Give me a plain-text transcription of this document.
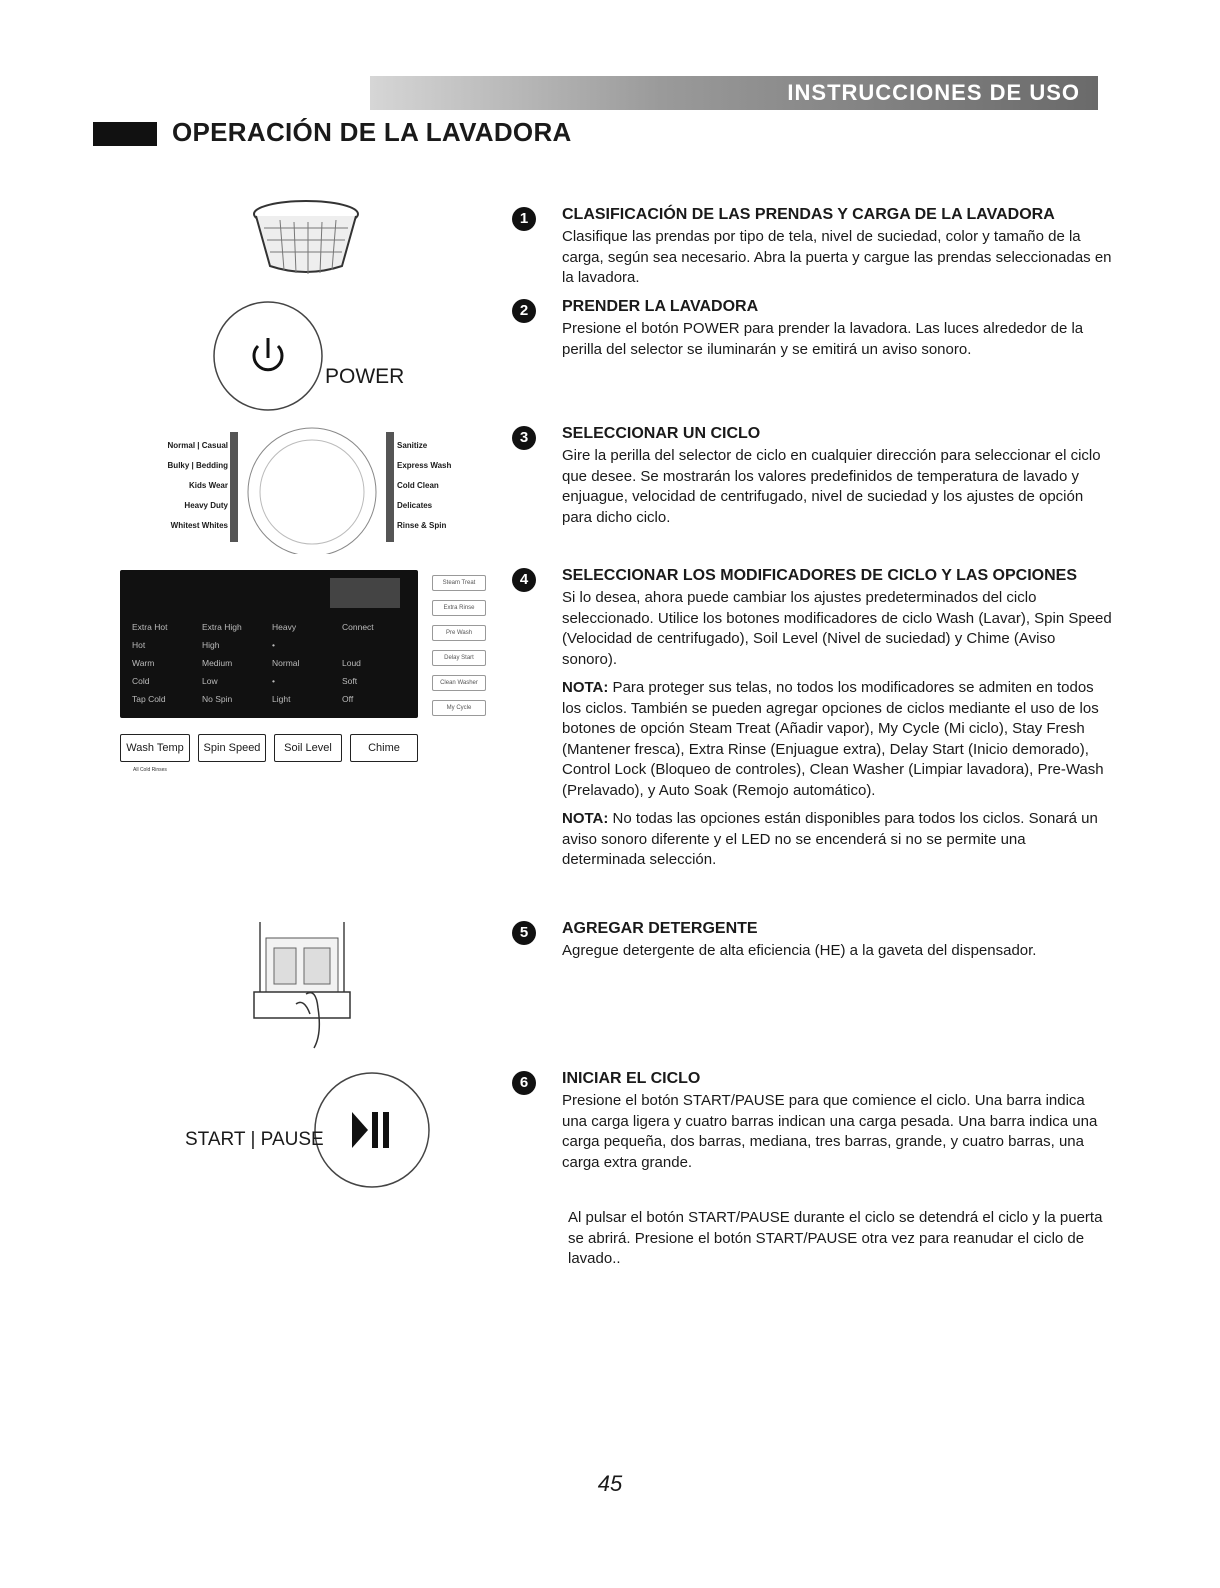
INSTRUCCIONES DE USO
OPERACIÓN DE LA LAVADORA
POWER
Normal | Casual
Bulky | Bedding
Kids Wear
Heavy Duty
Whitest Whites
Sanitize
Express Wash
Cold Clean
Delicates
Rinse & Spin
Extra Hot	Extra High	Heavy	Connect
Hot	High	•
Warm	Medium	Normal	Loud
Cold	Low	•	Soft
Tap Cold	No Spin	Light	Off
Steam Treat
Extra Rinse
Pre Wash
Delay Start
Clean Washer
My Cycle
Wash Temp	Spin Speed	Soil Level	Chime
All Cold Rinses
START | PAUSE
1	CLASIFICACIÓN DE LAS PRENDAS Y CARGA DE LA LAVADORA

Clasifique las prendas por tipo de tela, nivel de suciedad, color y tamaño de la carga, según sea necesario. Abra la puerta y cargue las prendas seleccionadas en la lavadora.

2	PRENDER LA LAVADORA

Presione el botón POWER para prender la lavadora. Las luces alrededor de la perilla del selector se iluminarán y se emitirá un aviso sonoro.

3	SELECCIONAR UN CICLO

Gire la perilla del selector de ciclo en cualquier dirección para seleccionar el ciclo que desee. Se mostrarán los valores predefinidos de temperatura de lavado y enjuague, velocidad de centrifugado, nivel de suciedad y los ajustes de opción para dicho ciclo.

4	SELECCIONAR LOS MODIFICADORES DE CICLO Y LAS OPCIONES

Si lo desea, ahora puede cambiar los ajustes predeterminados del ciclo seleccionado. Utilice los botones modificadores de ciclo Wash (Lavar), Spin Speed (Velocidad de centrifugado), Soil Level (Nivel de suciedad) y Chime (Aviso sonoro).

NOTA: Para proteger sus telas, no todos los modificadores se admiten en todos los ciclos. También se pueden agregar opciones de ciclos mediante el uso de los botones de opción Steam Treat (Añadir vapor), My Cycle (Mi ciclo), Stay Fresh (Mantener fresca), Extra Rinse (Enjuague extra), Delay Start (Inicio demorado), Control Lock (Bloqueo de controles), Clean Washer (Limpiar lavadora), Pre-Wash (Prelavado), y Auto Soak (Remojo automático).

NOTA: No todas las opciones están disponibles para todos los ciclos. Sonará un aviso sonoro diferente y el LED no se encenderá si no se permite una determinada selección.

5	AGREGAR DETERGENTE

Agregue detergente de alta eficiencia (HE) a la gaveta del dispensador.

6	INICIAR EL CICLO

Presione el botón START/PAUSE para que comience el ciclo. Una barra indica una carga ligera y cuatro barras indican una carga pesada. Una barra indica una carga pequeña, dos barras, mediana, tres barras, grande, y cuatro barras, una carga extra grande.

Al pulsar el botón START/PAUSE durante el ciclo se detendrá el ciclo y la puerta se abrirá. Presione el botón START/PAUSE otra vez para reanudar el ciclo de lavado..

45
